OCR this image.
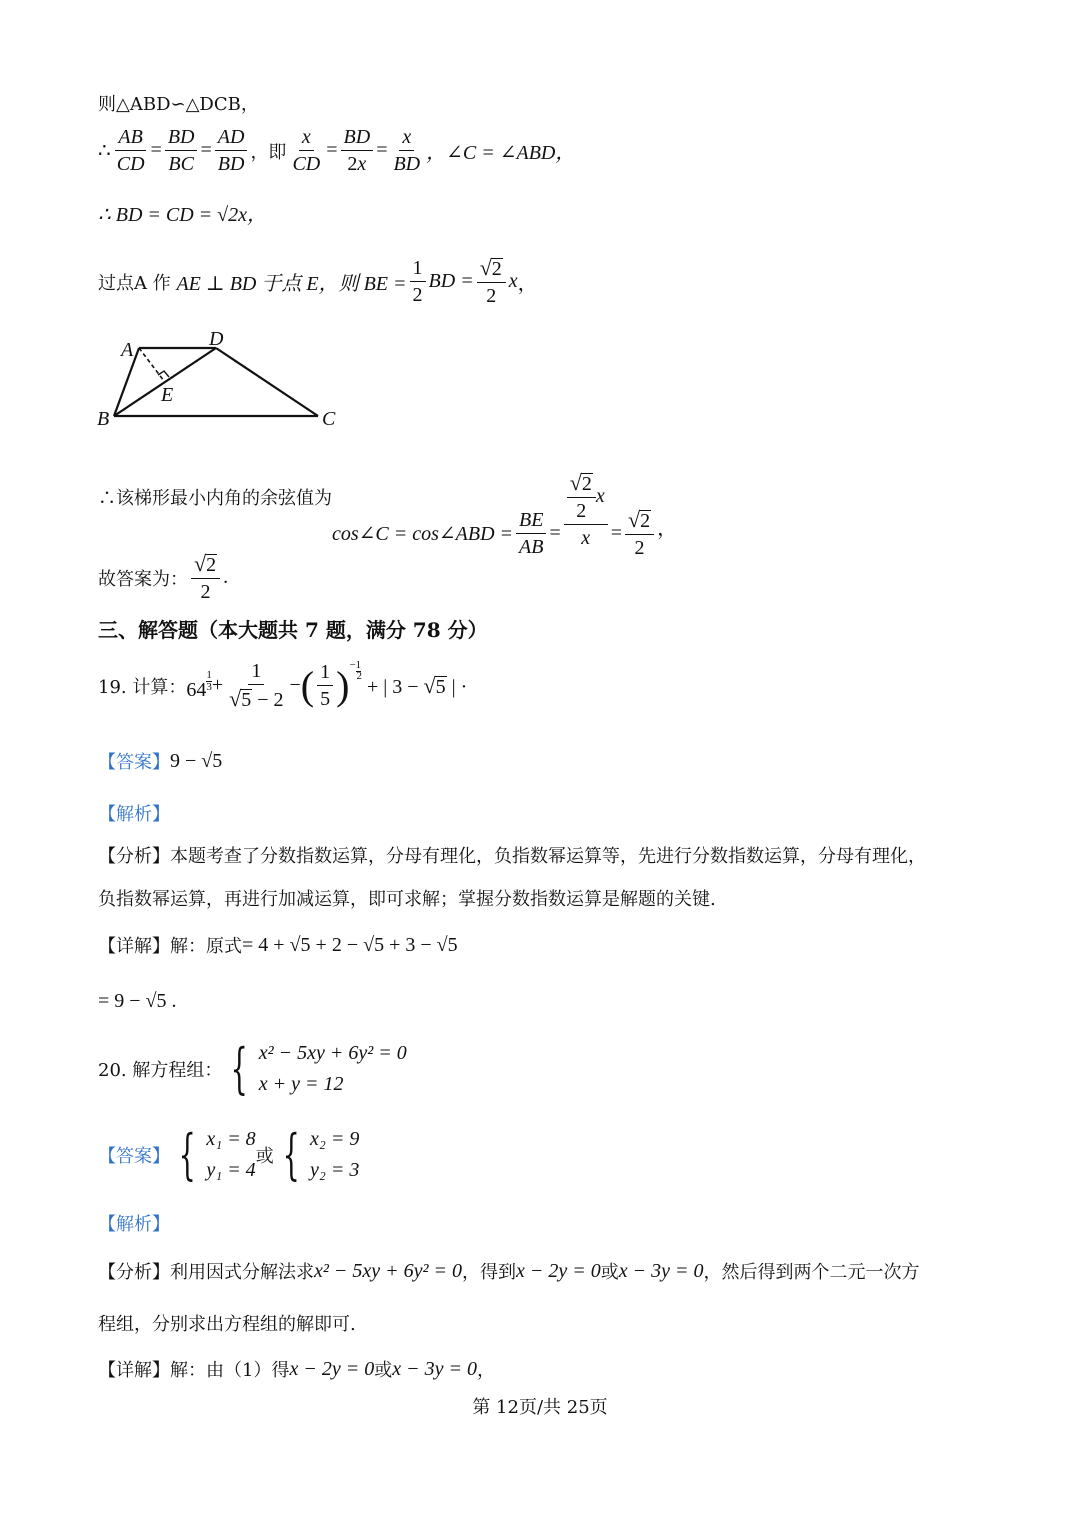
则△ABD∽△DCB，
∴ $\frac{AB}{CD} = \frac{BD}{BC} = \frac{AD}{BD}$ ，即 $\frac{x}{CD} = \frac{BD}{2x} = \frac{x}{BD}$ ，∠C = ∠ABD，
∴ BD = CD = √2x，
过点A 作
AE ⊥ BD 于点 E，则 BE = $\frac{1}{2}$ BD = $\frac{√2}{2}$ x ，
A	D
E
B	C
∴该梯形最小内角的余弦值为
cos∠C = cos∠ABD = $\frac{BE}{AB} = \frac{\frac{√2}{2} x}{x} = \frac{√2}{2}$ ，
故答案为： $\frac{√2}{2}$ .
三、解答题（本大题共 7 题，满分 78 分）
19. 计算： $64 \frac{1}{3} + \frac{1}{√5 - 2}$ − ( $\frac{1}{5}$ ) −1
2 + | 3 − √5 | ·
【答案】 9 − √5
【解析】
【分析】 本题考查了分数指数运算，分母有理化，负指数幂运算等，先进行分数指数运算，分母有理化，
负指数幂运算，再进行加减运算，即可求解；掌握分数指数运算是解题的关键.
【详解】 解：原式 = 4 + √5 + 2 − √5 + 3 − √5
= 9 − √5 .
20. 解方程组： { x² − 5xy + 6y² = 0
x + y = 12
【答案】 { x₁ = 8
y₁ = 4
或 { x₂ = 9
y₂ = 3
【解析】
【分析】 利用因式分解法求 x² − 5xy + 6y² = 0 ，得到 x − 2y = 0 或 x − 3y = 0 ，然后得到两个二元一次方
程组，分别求出方程组的解即可.
【详解】 解：由（1）得 x − 2y = 0 或 x − 3y = 0 ，
第 12页/共 25页
